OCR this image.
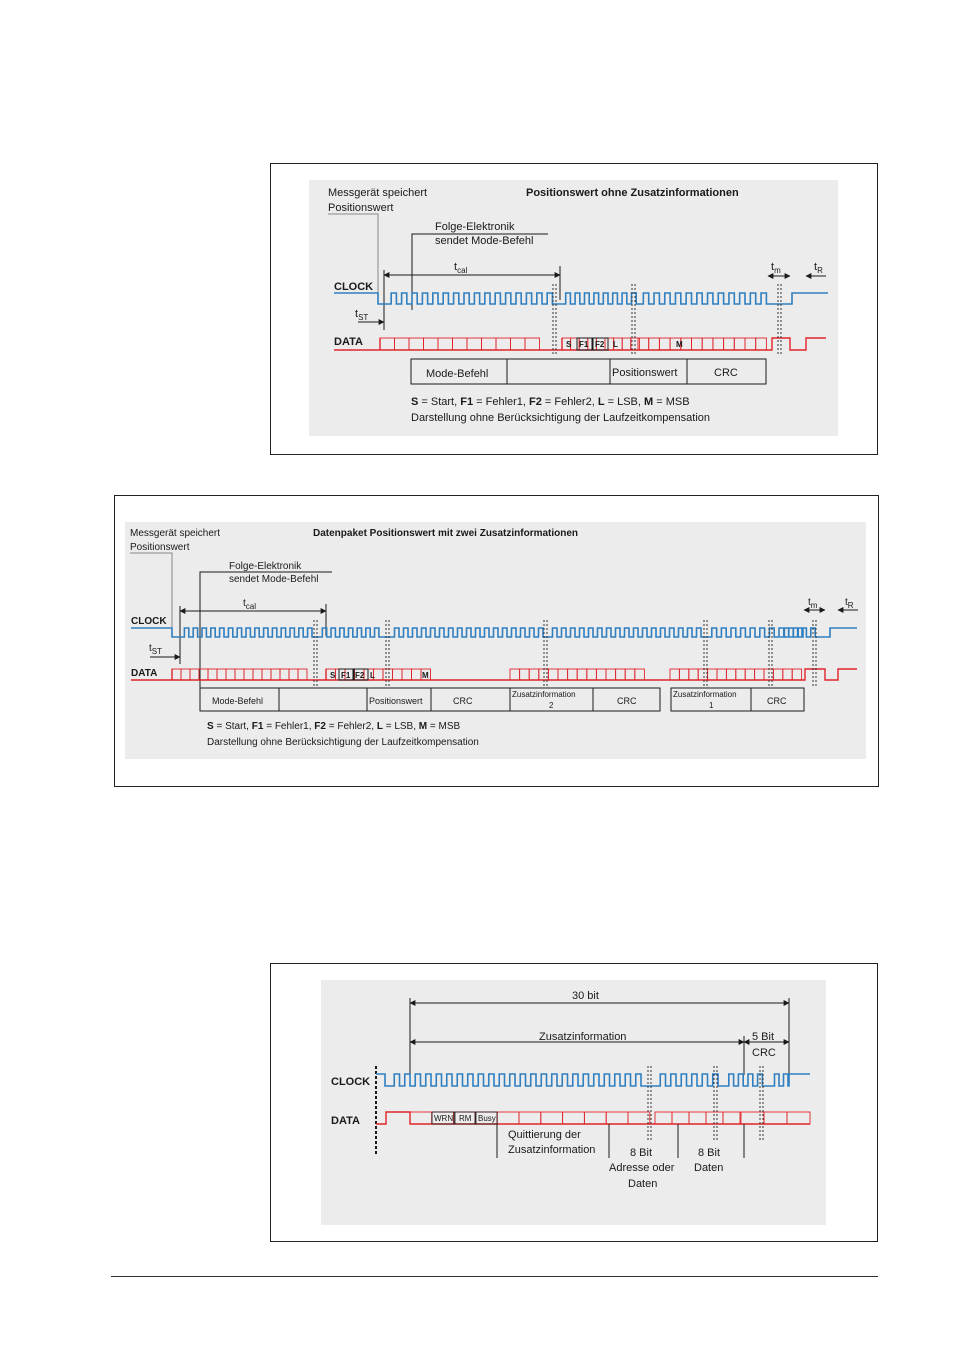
Positionswert ohne Zusatzinformationen
Messgerät speichert
Positionswert
Folge-Elektronik
sendet Mode-Befehl
$t_{cal}$
$t_{ST}$
$t_m$	$t_R$
CLOCK
DATA	S F1 F2 L	M
Mode-Befehl	Positionswert	CRC
S = Start, F1 = Fehler1, F2 = Fehler2, L = LSB, M = MSB
Darstellung ohne Berücksichtigung der Laufzeitkompensation
Datenpaket Positionswert mit zwei Zusatzinformationen
Messgerät speichert
Positionswert
Folge-Elektronik
sendet Mode-Befehl
$t_{cal}$
$t_{ST}$
$t_m$	$t_R$
CLOCK
DATA	S F1 F2 L	M
Mode-Befehl	Positionswert	CRC
Zusatzinformation
2	CRC
Zusatzinformation
1	CRC
S = Start, F1 = Fehler1, F2 = Fehler2, L = LSB, M = MSB
Darstellung ohne Berücksichtigung der Laufzeitkompensation
30 bit
Zusatzinformation	5 Bit
CRC
CLOCK
DATA	WRN RM Busy
Quittierung der
Zusatzinformation	8 Bit
Adresse oder
Daten
8 Bit
Daten
